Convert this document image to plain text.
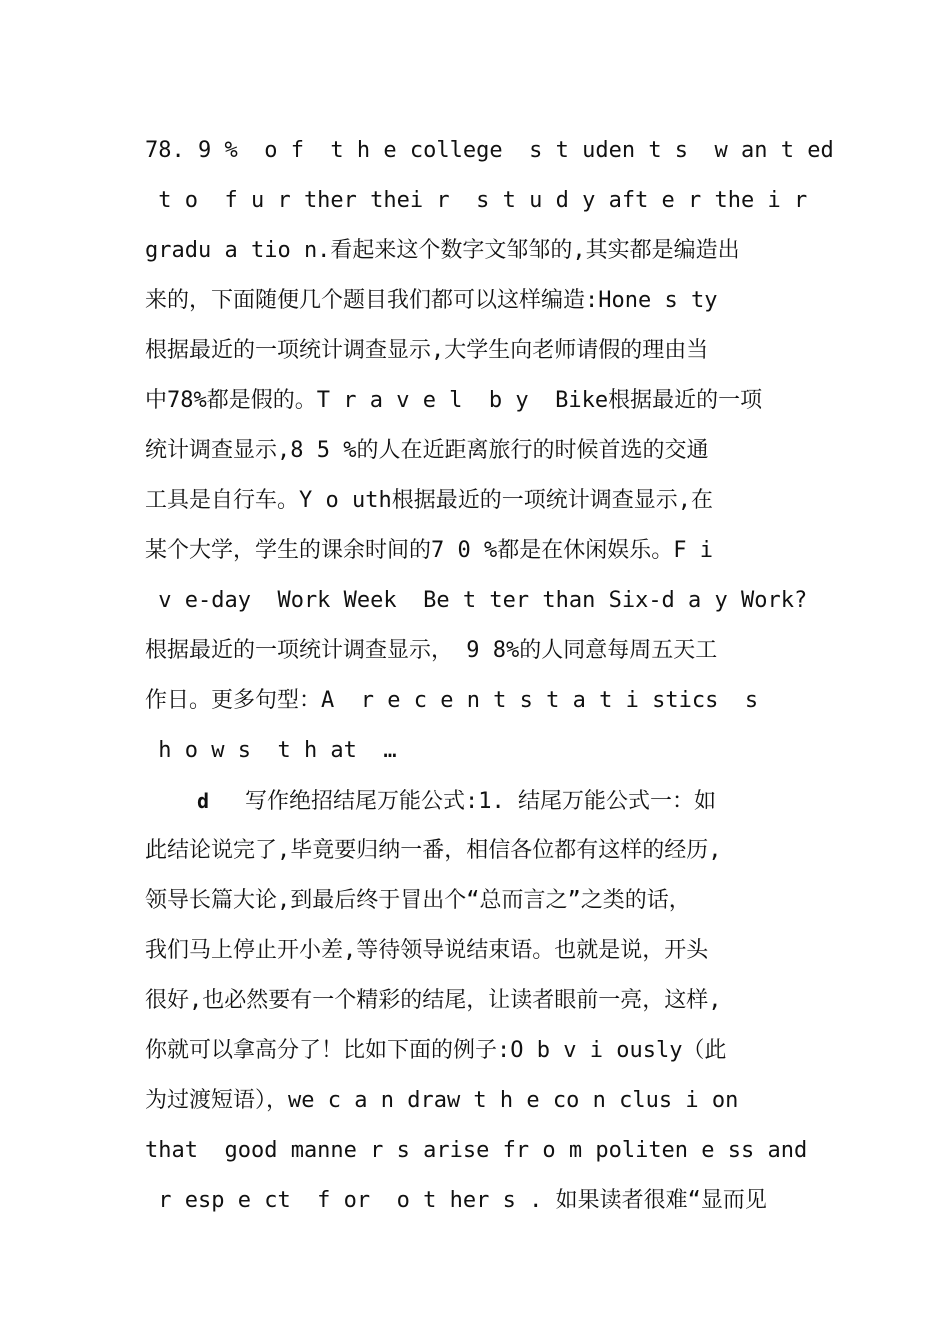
78. 9 %  o f  t h e college  s t uden t s  w an t ed
t o  f u r ther thei r  s t u d y aft e r the i r
gradu a tio n.看起来这个数字文邹邹的,其实都是编造出
来的，下面随便几个题目我们都可以这样编造:Hone s ty
根据最近的一项统计调查显示,大学生向老师请假的理由当
中78%都是假的。T r a v e l  b y  Bike根据最近的一项
统计调查显示,8 5 %的人在近距离旅行的时候首选的交通
工具是自行车。Y o uth根据最近的一项统计调查显示,在
某个大学，学生的课余时间的7 0 %都是在休闲娱乐。F i
v e-day  Work Week  Be t ter than Six-d a y Work?
根据最近的一项统计调查显示， 9 8%的人同意每周五天工
作日。更多句型：A  r e c e n t s t a t i stics  s
h o w s  t h at  …
d 写作绝招结尾万能公式:1. 结尾万能公式一：如
此结论说完了,毕竟要归纳一番，相信各位都有这样的经历,
领导长篇大论,到最后终于冒出个“总而言之”之类的话，
我们马上停止开小差,等待领导说结束语。也就是说，开头
很好,也必然要有一个精彩的结尾，让读者眼前一亮，这样,
你就可以拿高分了！比如下面的例子:O b v i ously（此
为过渡短语），we c a n draw t h e co n clus i on
that  good manne r s arise fr o m politen e ss and
r esp e ct  f or  o t her s . 如果读者很难“显而见
